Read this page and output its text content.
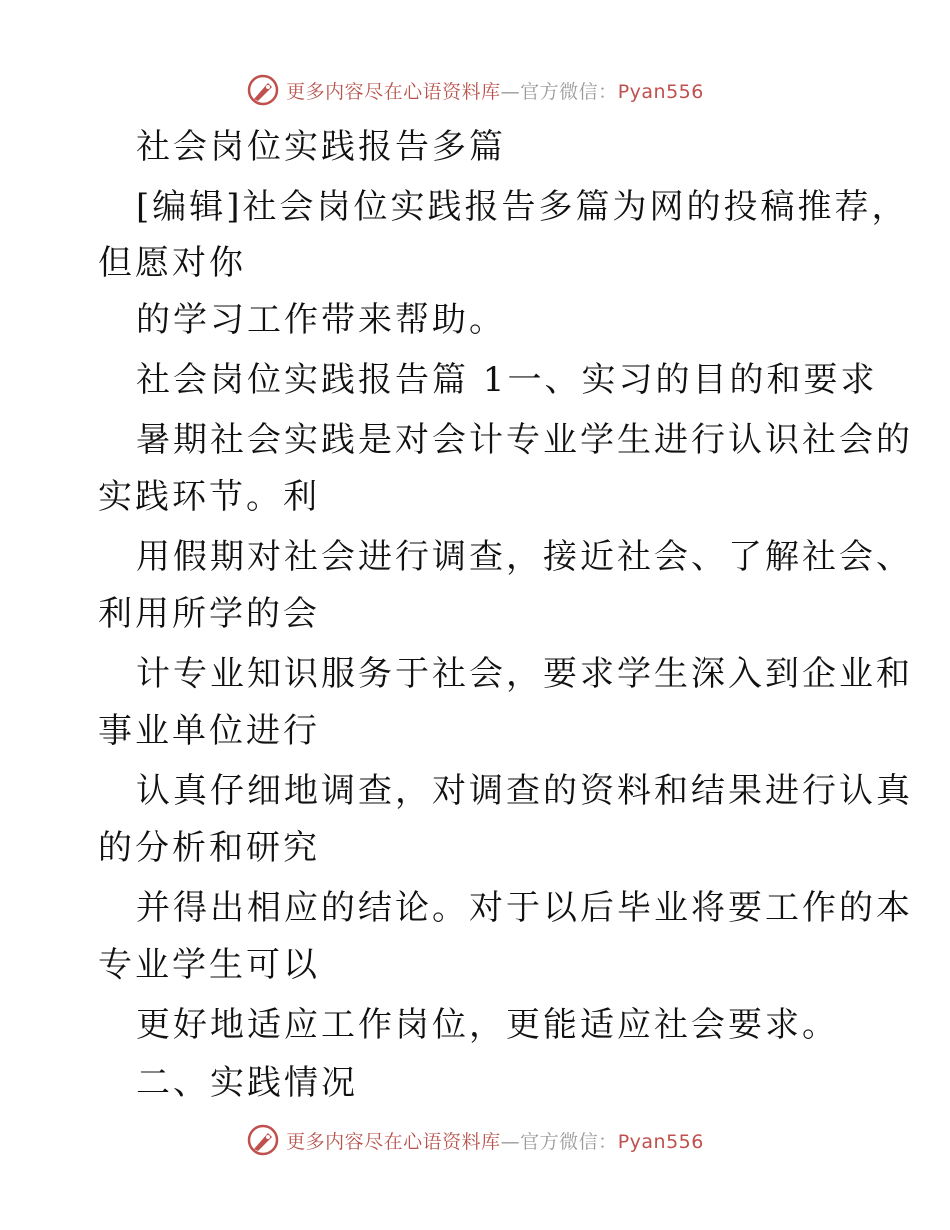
更多内容尽在心语资料库—官方微信：Pyan556
社会岗位实践报告多篇
[编辑]社会岗位实践报告多篇为网的投稿推荐，
但愿对你
的学习工作带来帮助。
社会岗位实践报告篇 1一、实习的目的和要求
暑期社会实践是对会计专业学生进行认识社会的
实践环节。利
用假期对社会进行调查，接近社会、了解社会、
利用所学的会
计专业知识服务于社会，要求学生深入到企业和
事业单位进行
认真仔细地调查，对调查的资料和结果进行认真
的分析和研究
并得出相应的结论。对于以后毕业将要工作的本
专业学生可以
更好地适应工作岗位，更能适应社会要求。
二、实践情况
更多内容尽在心语资料库—官方微信：Pyan556
